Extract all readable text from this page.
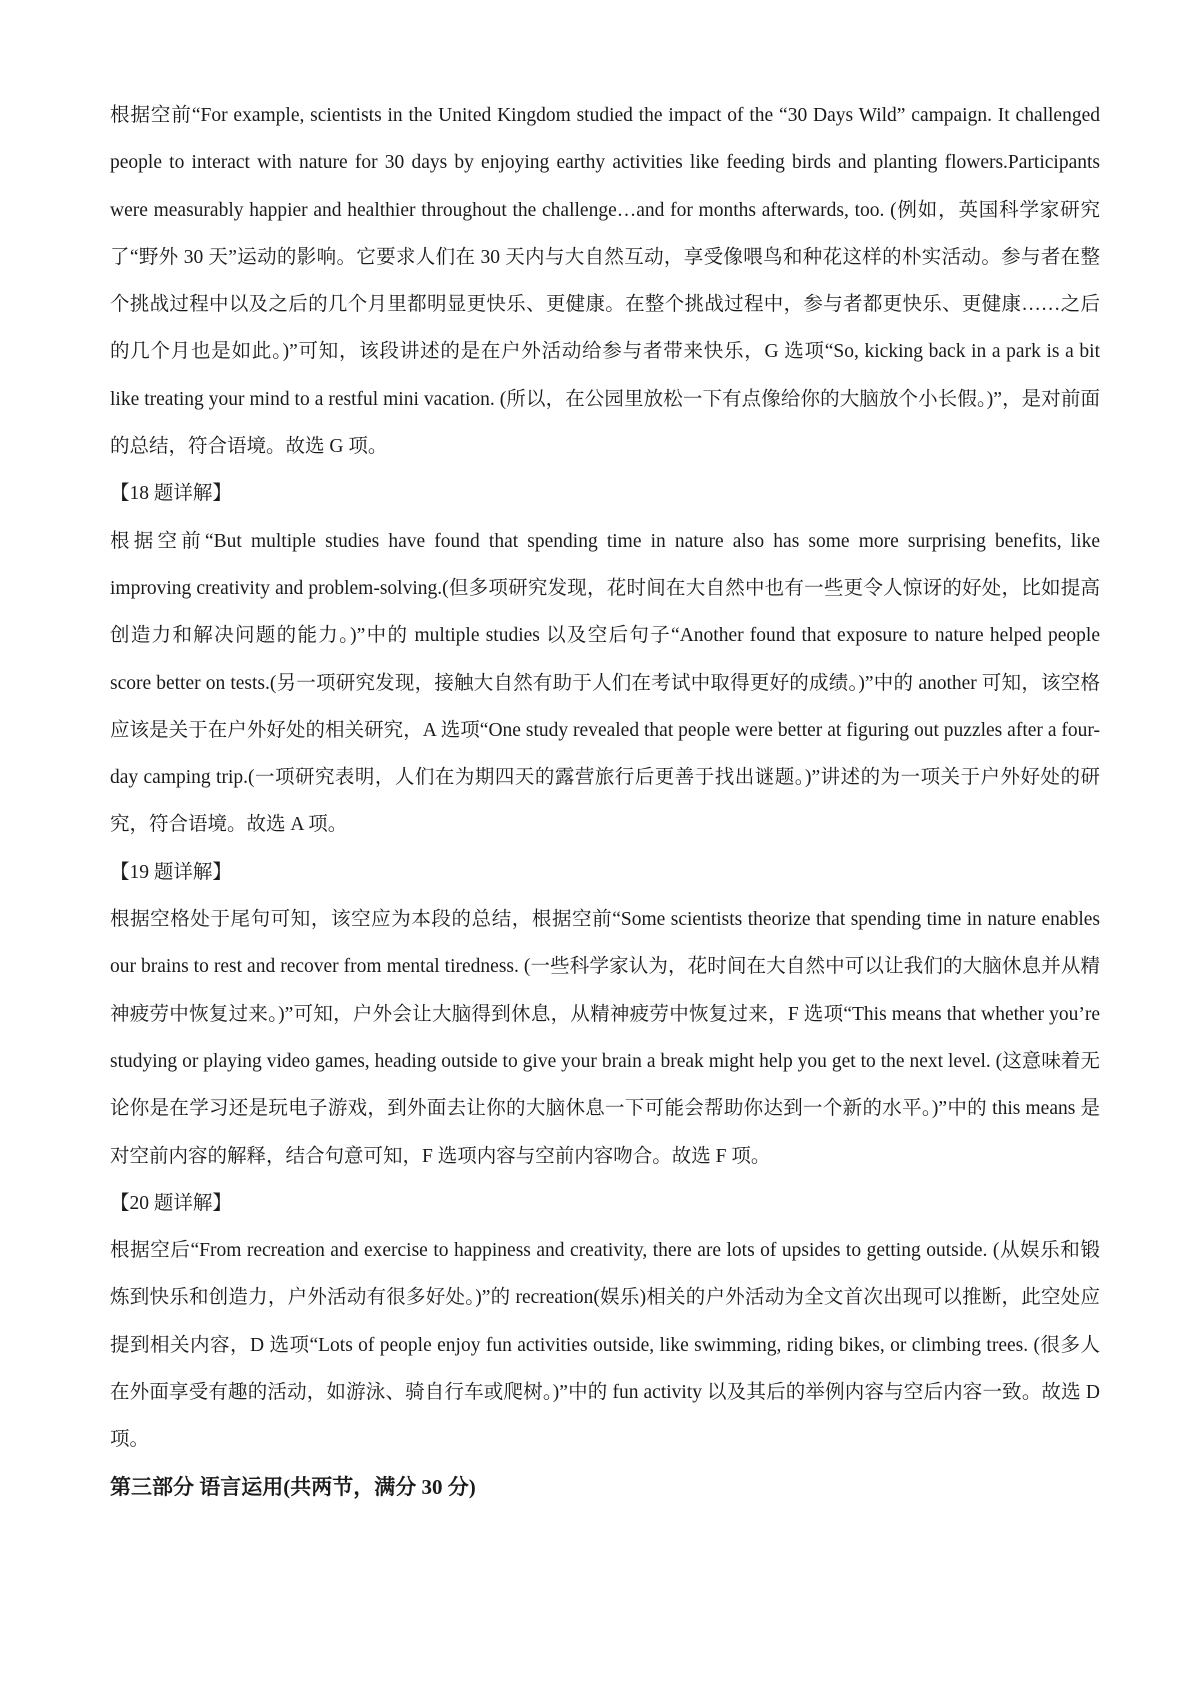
根据空前“For example, scientists in the United Kingdom studied the impact of the “30 Days Wild” campaign. It challenged people to interact with nature for 30 days by enjoying earthy activities like feeding birds and planting flowers.Participants were measurably happier and healthier throughout the challenge…and for months afterwards, too. (例如，英国科学家研究了“野外 30 天”运动的影响。它要求人们在 30 天内与大自然互动，享受像喂鸟和种花这样的朴实活动。参与者在整个挑战过程中以及之后的几个月里都明显更快乐、更健康。在整个挑战过程中，参与者都更快乐、更健康……之后的几个月也是如此。)”可知，该段讲述的是在户外活动给参与者带来快乐，G 选项“So, kicking back in a park is a bit like treating your mind to a restful mini vacation. (所以，在公园里放松一下有点像给你的大脑放个小长假。)”，是对前面的总结，符合语境。故选 G 项。

【18 题详解】

根据空前“But multiple studies have found that spending time in nature also has some more surprising benefits, like improving creativity and problem-solving.(但多项研究发现，花时间在大自然中也有一些更令人惊讶的好处，比如提高创造力和解决问题的能力。)”中的 multiple studies 以及空后句子“Another found that exposure to nature helped people score better on tests.(另一项研究发现，接触大自然有助于人们在考试中取得更好的成绩。)”中的 another 可知，该空格应该是关于在户外好处的相关研究，A 选项“One study revealed that people were better at figuring out puzzles after a four-day camping trip.(一项研究表明，人们在为期四天的露营旅行后更善于找出谜题。)”讲述的为一项关于户外好处的研究，符合语境。故选 A 项。

【19 题详解】

根据空格处于尾句可知，该空应为本段的总结，根据空前“Some scientists theorize that spending time in nature enables our brains to rest and recover from mental tiredness. (一些科学家认为，花时间在大自然中可以让我们的大脑休息并从精神疲劳中恢复过来。)”可知，户外会让大脑得到休息，从精神疲劳中恢复过来，F 选项“This means that whether you’re studying or playing video games, heading outside to give your brain a break might help you get to the next level. (这意味着无论你是在学习还是玩电子游戏，到外面去让你的大脑休息一下可能会帮助你达到一个新的水平。)”中的 this means 是对空前内容的解释，结合句意可知，F 选项内容与空前内容吻合。故选 F 项。

【20 题详解】

根据空后“From recreation and exercise to happiness and creativity, there are lots of upsides to getting outside. (从娱乐和锻炼到快乐和创造力，户外活动有很多好处。)”的 recreation(娱乐)相关的户外活动为全文首次出现可以推断，此空处应提到相关内容，D 选项“Lots of people enjoy fun activities outside, like swimming, riding bikes, or climbing trees. (很多人在外面享受有趣的活动，如游泳、骑自行车或爬树。)”中的 fun activity 以及其后的举例内容与空后内容一致。故选 D 项。

第三部分 语言运用(共两节，满分 30 分)
